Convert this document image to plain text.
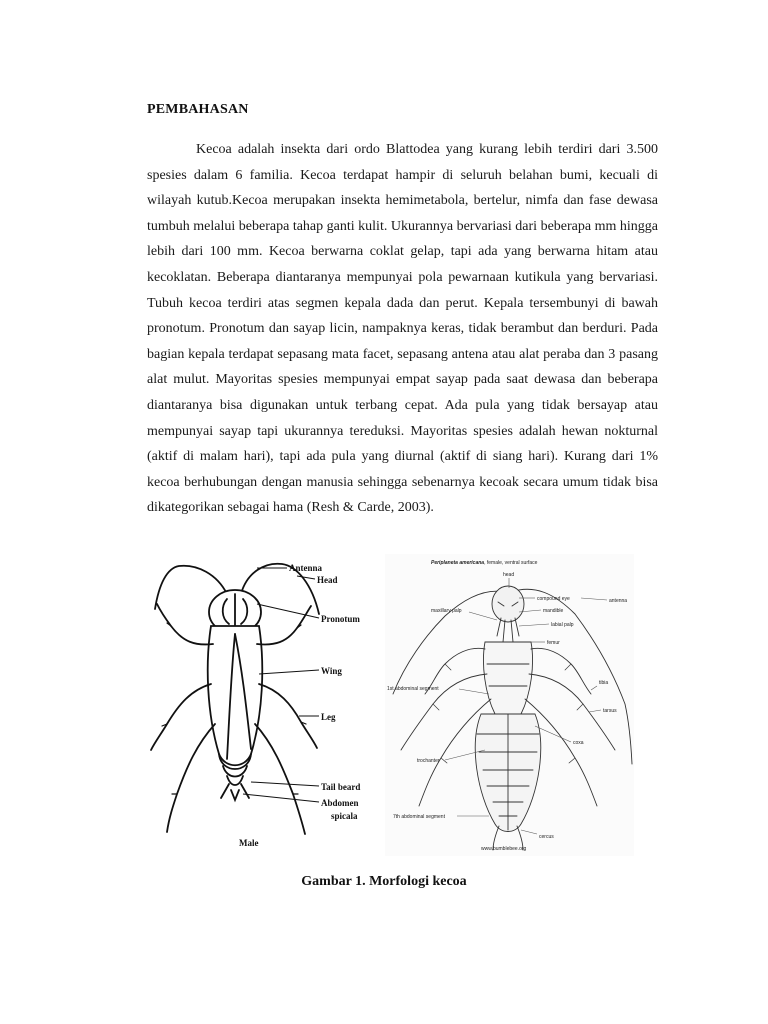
PEMBAHASAN

Kecoa adalah insekta dari ordo Blattodea yang kurang lebih terdiri dari 3.500 spesies dalam 6 familia. Kecoa terdapat hampir di seluruh belahan bumi, kecuali di wilayah kutub.Kecoa merupakan insekta hemimetabola, bertelur, nimfa dan fase dewasa tumbuh melalui beberapa tahap ganti kulit. Ukurannya bervariasi dari beberapa mm hingga lebih dari 100 mm. Kecoa berwarna coklat gelap, tapi ada yang berwarna hitam atau kecoklatan. Beberapa diantaranya mempunyai pola pewarnaan kutikula yang bervariasi. Tubuh kecoa terdiri atas segmen kepala dada dan perut. Kepala tersembunyi di bawah pronotum. Pronotum dan sayap licin, nampaknya keras, tidak berambut dan berduri. Pada bagian kepala terdapat sepasang mata facet, sepasang antena atau alat peraba dan 3 pasang alat mulut. Mayoritas spesies mempunyai empat sayap pada saat dewasa dan beberapa diantaranya bisa digunakan untuk terbang cepat. Ada pula yang tidak bersayap atau mempunyai sayap tapi ukurannya tereduksi. Mayoritas spesies adalah hewan nokturnal (aktif di malam hari), tapi ada pula yang diurnal (aktif di siang hari). Kurang dari 1% kecoa berhubungan dengan manusia sehingga sebenarnya kecoak secara umum tidak bisa dikategorikan sebagai hama (Resh & Carde, 2003).

Antenna
Head
Pronotum
Wing
Leg
Tail beard
Abdomen
spicala
Male
Periplaneta americana, female, ventral surface
head
compound eye	antenna
maxillary palp	mandible
labial palp
femur
1st abdominal segment
tibia
tarsus
coxa
trochanter
7th abdominal segment
cercus
www.bumblebee.org
Gambar 1. Morfologi kecoa
